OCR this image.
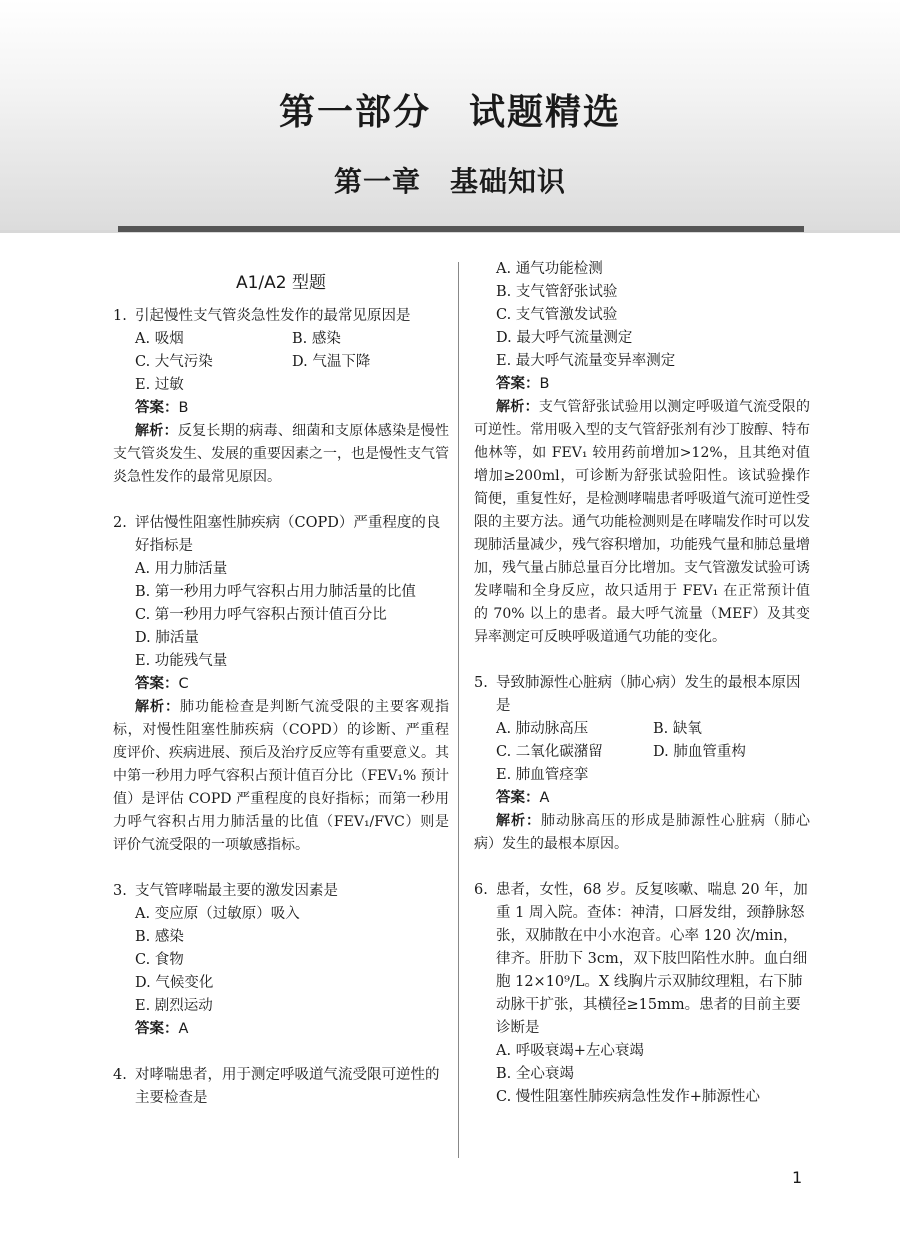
第一部分　试题精选
第一章　基础知识
A1/A2 型题
1. 引起慢性支气管炎急性发作的最常见原因是
A. 吸烟	B. 感染
C. 大气污染	D. 气温下降
E. 过敏
答案：B
解析：反复长期的病毒、细菌和支原体感染是慢性支气管炎发生、发展的重要因素之一，也是慢性支气管炎急性发作的最常见原因。
2. 评估慢性阻塞性肺疾病（COPD）严重程度的良好指标是
A. 用力肺活量
B. 第一秒用力呼气容积占用力肺活量的比值
C. 第一秒用力呼气容积占预计值百分比
D. 肺活量
E. 功能残气量
答案：C
解析：肺功能检查是判断气流受限的主要客观指标，对慢性阻塞性肺疾病（COPD）的诊断、严重程度评价、疾病进展、预后及治疗反应等有重要意义。其中第一秒用力呼气容积占预计值百分比（FEV₁% 预计值）是评估 COPD 严重程度的良好指标；而第一秒用力呼气容积占用力肺活量的比值（FEV₁/FVC）则是评价气流受限的一项敏感指标。
3. 支气管哮喘最主要的激发因素是
A. 变应原（过敏原）吸入
B. 感染
C. 食物
D. 气候变化
E. 剧烈运动
答案：A
4. 对哮喘患者，用于测定呼吸道气流受限可逆性的主要检查是
A. 通气功能检测
B. 支气管舒张试验
C. 支气管激发试验
D. 最大呼气流量测定
E. 最大呼气流量变异率测定
答案：B
解析：支气管舒张试验用以测定呼吸道气流受限的可逆性。常用吸入型的支气管舒张剂有沙丁胺醇、特布他林等，如 FEV₁ 较用药前增加>12%，且其绝对值增加≥200ml，可诊断为舒张试验阳性。该试验操作简便，重复性好，是检测哮喘患者呼吸道气流可逆性受限的主要方法。通气功能检测则是在哮喘发作时可以发现肺活量减少，残气容积增加，功能残气量和肺总量增加，残气量占肺总量百分比增加。支气管激发试验可诱发哮喘和全身反应，故只适用于 FEV₁ 在正常预计值的 70% 以上的患者。最大呼气流量（MEF）及其变异率测定可反映呼吸道通气功能的变化。
5. 导致肺源性心脏病（肺心病）发生的最根本原因是
A. 肺动脉高压	B. 缺氧
C. 二氧化碳潴留	D. 肺血管重构
E. 肺血管痉挛
答案：A
解析：肺动脉高压的形成是肺源性心脏病（肺心病）发生的最根本原因。
6. 患者，女性，68 岁。反复咳嗽、喘息 20 年，加重 1 周入院。查体：神清，口唇发绀，颈静脉怒张，双肺散在中小水泡音。心率 120 次/min，律齐。肝肋下 3cm，双下肢凹陷性水肿。血白细胞 12×10⁹/L。X 线胸片示双肺纹理粗，右下肺动脉干扩张，其横径≥15mm。患者的目前主要诊断是
A. 呼吸衰竭+左心衰竭
B. 全心衰竭
C. 慢性阻塞性肺疾病急性发作+肺源性心
1
